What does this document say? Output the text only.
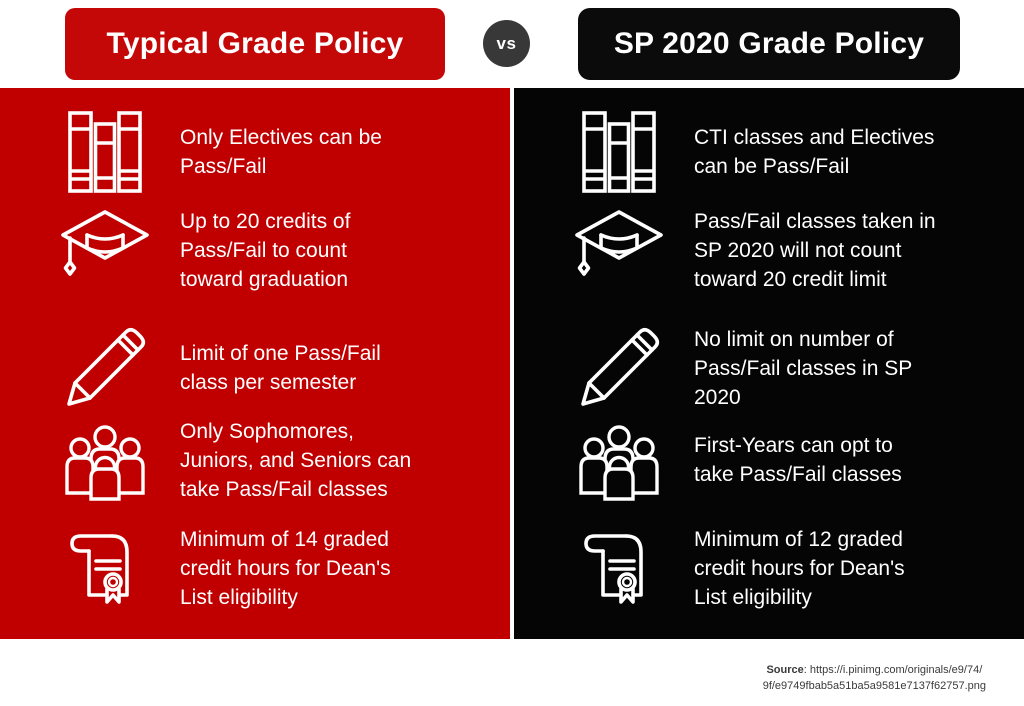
Typical Grade Policy	vs	SP 2020 Grade Policy
Only Electives can be
Pass/Fail
Up to 20 credits of
Pass/Fail to count
toward graduation
Limit of one Pass/Fail
class per semester
Only Sophomores,
Juniors, and Seniors can
take Pass/Fail classes
Minimum of 14 graded
credit hours for Dean's
List eligibility
CTI classes and Electives
can be Pass/Fail
Pass/Fail classes taken in
SP 2020 will not count
toward 20 credit limit
No limit on number of
Pass/Fail classes in SP
2020
First-Years can opt to
take Pass/Fail classes
Minimum of 12 graded
credit hours for Dean's
List eligibility
Source: https://i.pinimg.com/originals/e9/74/
9f/e9749fbab5a51ba5a9581e7137f62757.png
